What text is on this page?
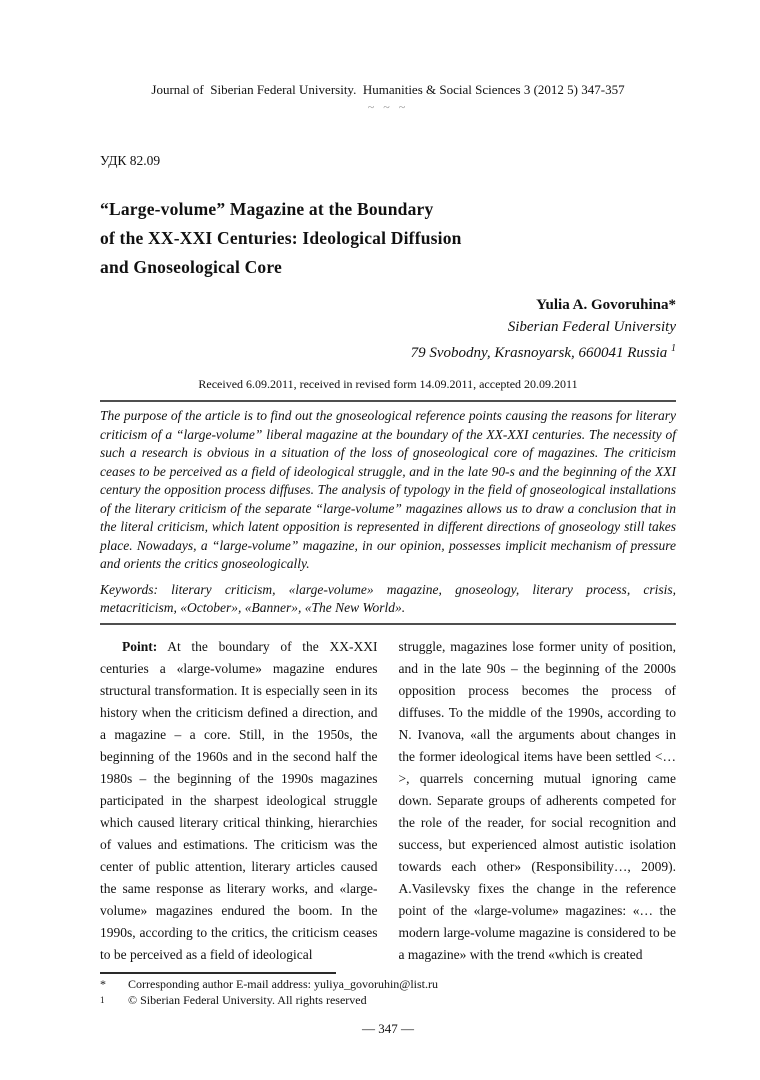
Journal of  Siberian Federal University.  Humanities & Social Sciences 3 (2012 5) 347-357
~ ~ ~
УДК 82.09
“Large-volume” Magazine at the Boundary
of the XX-XXI Centuries: Ideological Diffusion
and Gnoseological Core
Yulia A. Govoruhina*
Siberian Federal University
79 Svobodny, Krasnoyarsk, 660041 Russia $^1$
Received 6.09.2011, received in revised form 14.09.2011, accepted 20.09.2011

The purpose of the article is to find out the gnoseological reference points causing the reasons for literary criticism of a “large-volume” liberal magazine at the boundary of the XX-XXI centuries. The necessity of such a research is obvious in a situation of the loss of gnoseological core of magazines. The criticism ceases to be perceived as a field of ideological struggle, and in the late 90-s and the beginning of the XXI century the opposition process diffuses. The analysis of typology in the field of gnoseological installations of the literary criticism of the separate “large-volume” magazines allows us to draw a conclusion that in the literal criticism, which latent opposition is represented in different directions of gnoseology still takes place. Nowadays, a “large-volume” magazine, in our opinion, possesses implicit mechanism of pressure and orients the critics gnoseologically.

Keywords: literary criticism, «large-volume» magazine, gnoseology, literary process, crisis, metacriticism, «October», «Banner», «The New World».

Point: At the boundary of the XX-XXI centuries a «large-volume» magazine endures structural transformation. It is especially seen in its history when the criticism defined a direction, and a magazine – a core. Still, in the 1950s, the beginning of the 1960s and in the second half the 1980s – the beginning of the 1990s magazines participated in the sharpest ideological struggle which caused literary critical thinking, hierarchies of values and estimations. The criticism was the center of public attention, literary articles caused the same response as literary works, and «large-volume» magazines endured the boom. In the 1990s, according to the critics, the criticism ceases to be perceived as a field of ideological

struggle, magazines lose former unity of position, and in the late 90s – the beginning of the 2000s opposition process becomes the process of diffuses. To the middle of the 1990s, according to N. Ivanova, «all the arguments about changes in the former ideological items have been settled <…>, quarrels concerning mutual ignoring came down. Separate groups of adherents competed for the role of the reader, for social recognition and success, but experienced almost autistic isolation towards each other» (Responsibility…, 2009). A.Vasilevsky fixes the change in the reference point of the «large-volume» magazines: «… the modern large-volume magazine is considered to be a magazine» with the trend «which is created

*	Corresponding author E-mail address: yuliya_govoruhin@list.ru
1	© Siberian Federal University. All rights reserved
— 347 —
